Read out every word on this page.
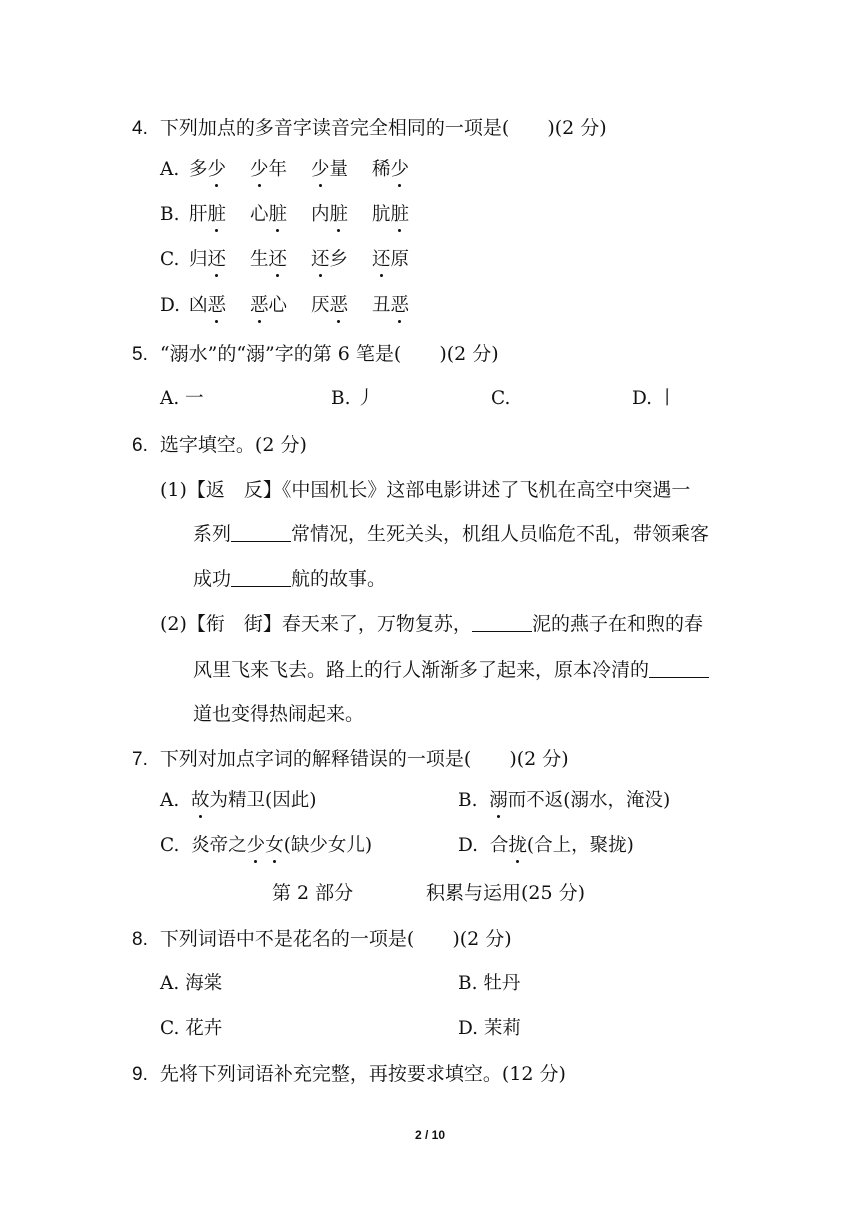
4. 下列加点的多音字读音完全相同的一项是(　　)(2 分)
A. 多少 少年 少量 稀少
B. 肝脏 心脏 内脏 肮脏
C. 归还 生还 还乡 还原
D. 凶恶 恶心 厌恶 丑恶
5. “溺水”的“溺”字的第 6 笔是(　　)(2 分)
A. 一	B. 丿	C.	D. 丨
6. 选字填空。(2 分)
(1)【返　反】《中国机长》这部电影讲述了飞机在高空中突遇一
系列	常情况，生死关头，机组人员临危不乱，带领乘客
成功	航的故事。
(2)【衔　街】春天来了，万物复苏，	泥的燕子在和煦的春
风里飞来飞去。路上的行人渐渐多了起来，原本冷清的
道也变得热闹起来。
7. 下列对加点字词的解释错误的一项是(　　)(2 分)
A. 故为精卫(因此)	B. 溺而不返(溺水，淹没)
C. 炎帝之少女(缺少女儿)	D. 合拢(合上，聚拢)
第 2 部分	积累与运用(25 分)
8. 下列词语中不是花名的一项是(　　)(2 分)
A. 海棠	B. 牡丹
C. 花卉	D. 茉莉
9. 先将下列词语补充完整，再按要求填空。(12 分)
2 / 10
